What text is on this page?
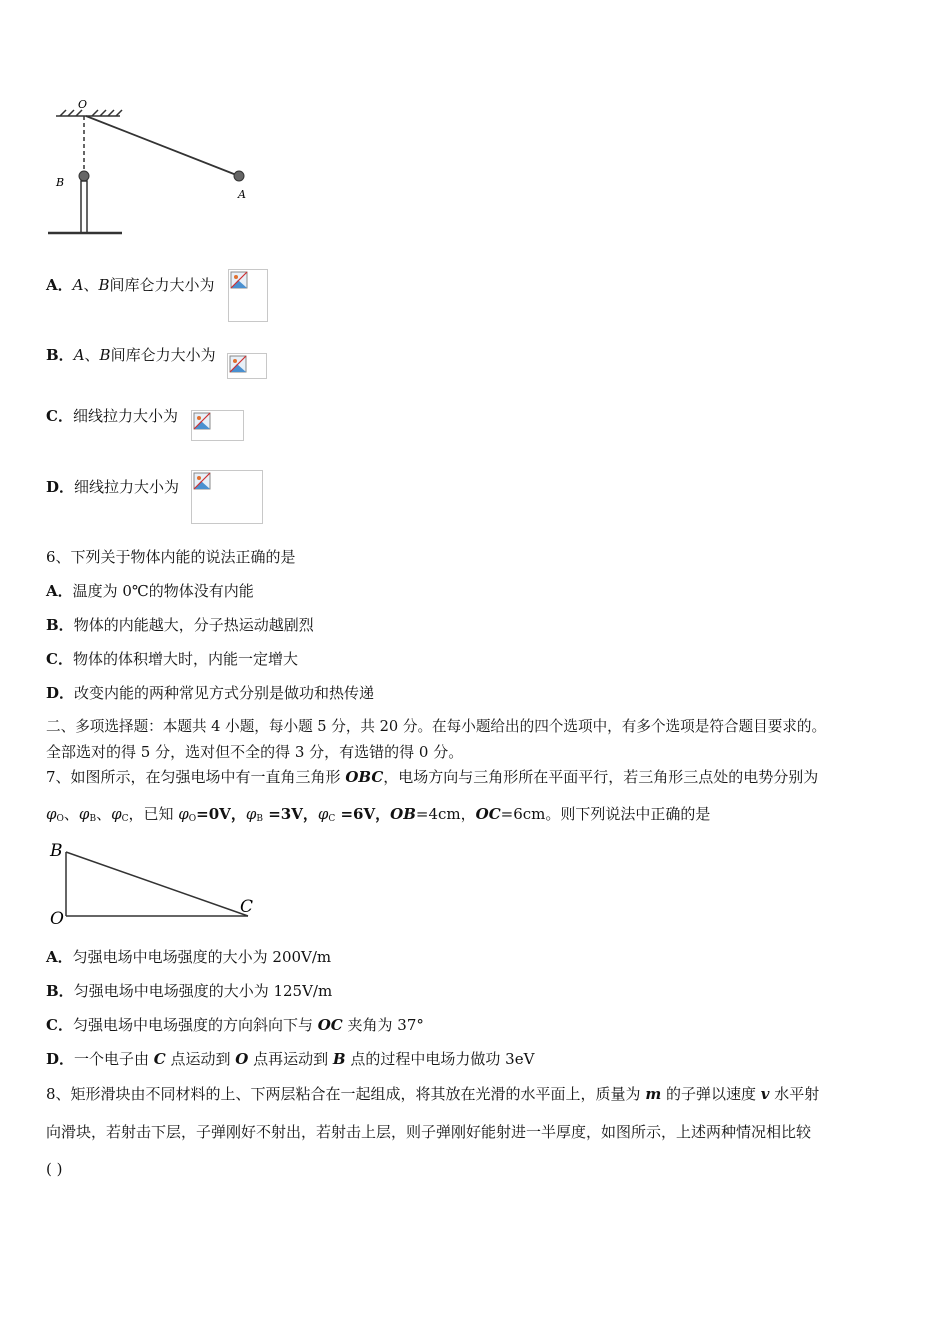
O
B
A
A．A、B间库仑力大小为
B．A、B间库仑力大小为
C．细线拉力大小为
D．细线拉力大小为
6、下列关于物体内能的说法正确的是
A．温度为 0℃的物体没有内能
B．物体的内能越大，分子热运动越剧烈
C．物体的体积增大时，内能一定增大
D．改变内能的两种常见方式分别是做功和热传递
二、多项选择题：本题共 4 小题，每小题 5 分，共 20 分。在每小题给出的四个选项中，有多个选项是符合题目要求的。
全部选对的得 5 分，选对但不全的得 3 分，有选错的得 0 分。
7、如图所示，在匀强电场中有一直角三角形 OBC，电场方向与三角形所在平面平行，若三角形三点处的电势分别为
$\varphi_O$、$\varphi_B$、$\varphi_C$，已知 $\varphi_O=0V$，$\varphi_B =3V$，$\varphi_C =6V$，OB=4cm，OC=6cm。则下列说法中正确的是
B
O
C
A．匀强电场中电场强度的大小为 200V/m
B．匀强电场中电场强度的大小为 125V/m
C．匀强电场中电场强度的方向斜向下与 OC 夹角为 37°
D．一个电子由 C 点运动到 O 点再运动到 B 点的过程中电场力做功 3eV
8、矩形滑块由不同材料的上、下两层粘合在一起组成，将其放在光滑的水平面上，质量为 m 的子弹以速度 v 水平射
向滑块，若射击下层，子弹刚好不射出，若射击上层，则子弹刚好能射进一半厚度，如图所示，上述两种情况相比较
( )
